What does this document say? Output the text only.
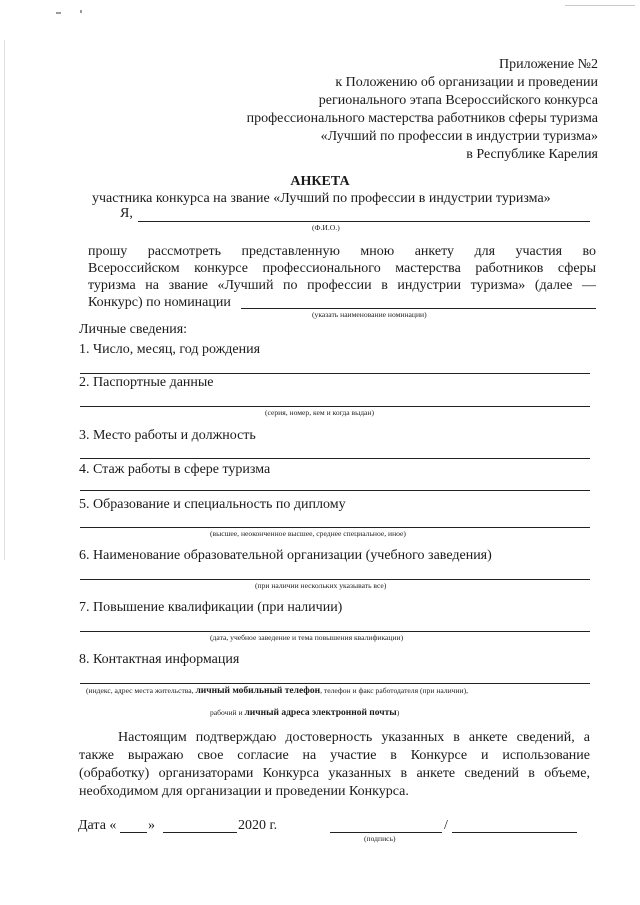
Приложение №2
к Положению об организации и проведении
регионального этапа Всероссийского конкурса
профессионального мастерства работников сферы туризма
«Лучший по профессии в индустрии туризма»
в Республике Карелия
АНКЕТА
участника конкурса на звание «Лучший по профессии в индустрии туризма»
Я,
(Ф.И.О.)
прошу рассмотреть представленную мною анкету для участия во
Всероссийском конкурсе профессионального мастерства работников сферы
туризма на звание «Лучший по профессии в индустрии туризма» (далее —
Конкурс) по номинации
(указать наименование номинации)
Личные сведения:
1. Число, месяц, год рождения
2. Паспортные данные
(серия, номер, кем и когда выдан)
3. Место работы и должность
4. Стаж работы в сфере туризма
5. Образование и специальность по диплому
(высшее, неоконченное высшее, среднее специальное, иное)
6. Наименование образовательной организации (учебного заведения)
(при наличии нескольких указывать все)
7. Повышение квалификации (при наличии)
(дата, учебное заведение и тема повышения квалификации)
8. Контактная информация
(индекс, адрес места жительства, личный мобильный телефон, телефон и факс работодателя (при наличии),
рабочий и личный адреса электронной почты)
Настоящим подтверждаю достоверность указанных в анкете сведений, а
также выражаю свое согласие на участие в Конкурсе и использование
(обработку) организаторами Конкурса указанных в анкете сведений в объеме,
необходимом для организации и проведении Конкурса.
Дата « »	2020 г.	/
(подпись)
